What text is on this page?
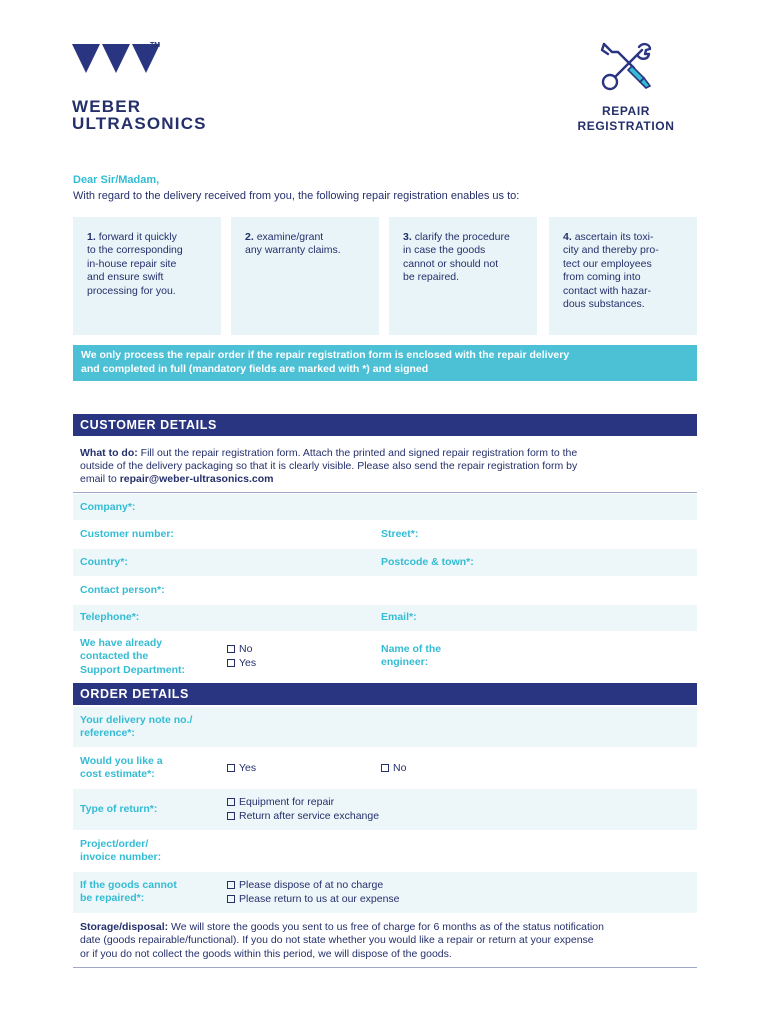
TM
WEBER
ULTRASONICS
REPAIR
REGISTRATION
Dear Sir/Madam,
With regard to the delivery received from you, the following repair registration enables us to:
1. forward it quickly
to the corresponding
in-house repair site
and ensure swift
processing for you.
2. examine/grant
any warranty claims.
3. clarify the procedure
in case the goods
cannot or should not
be repaired.
4. ascertain its toxi-
city and thereby pro-
tect our employees
from coming into
contact with hazar-
dous substances.
We only process the repair order if the repair registration form is enclosed with the repair delivery
and completed in full (mandatory fields are marked with *) and signed
CUSTOMER DETAILS
What to do: Fill out the repair registration form. Attach the printed and signed repair registration form to the
outside of the delivery packaging so that it is clearly visible. Please also send the repair registration form by
email to repair@weber-ultrasonics.com
Company*:
Customer number:	Street*:
Country*:	Postcode & town*:
Contact person*:
Telephone*:	Email*:
We have already
contacted the
Support Department:
No
Yes
Name of the
engineer:
ORDER DETAILS
Your delivery note no./
reference*:
Would you like a
cost estimate*:
Yes	No
Type of return*:
Equipment for repair
Return after service exchange
Project/order/
invoice number:
If the goods cannot
be repaired*:
Please dispose of at no charge
Please return to us at our expense
Storage/disposal: We will store the goods you sent to us free of charge for 6 months as of the status notification
date (goods repairable/functional). If you do not state whether you would like a repair or return at your expense
or if you do not collect the goods within this period, we will dispose of the goods.
